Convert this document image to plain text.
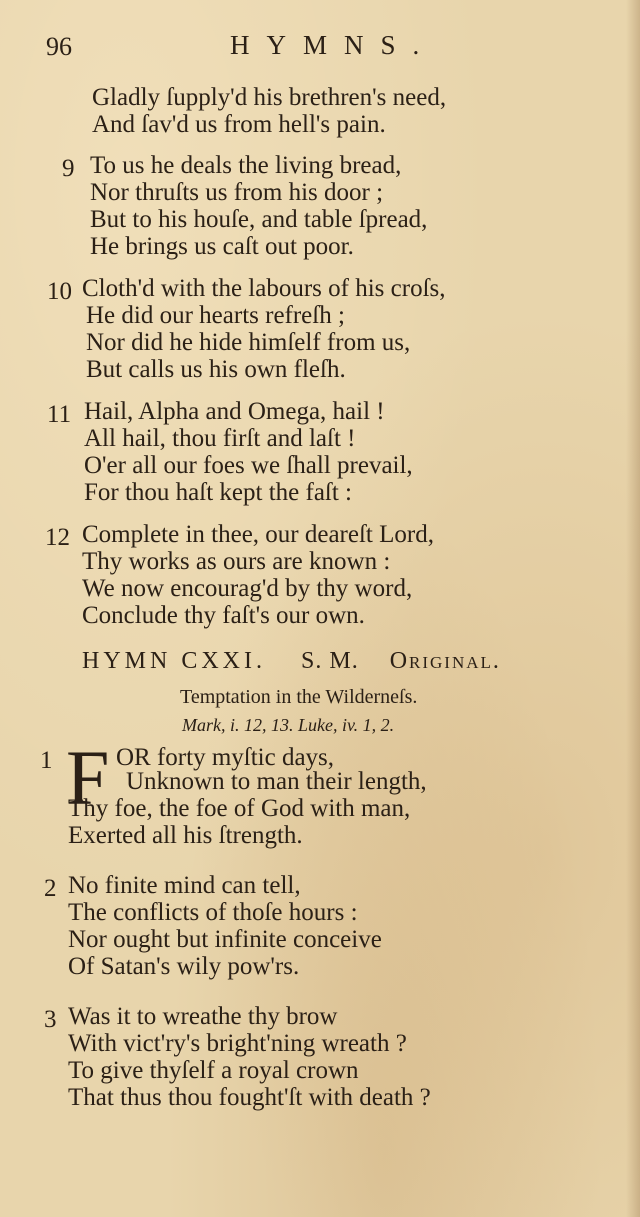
96	HYMNS.
Gladly ſupply'd his brethren's need,
And ſav'd us from hell's pain.
9 To us he deals the living bread,
Nor thruſts us from his door ;
But to his houſe, and table ſpread,
He brings us caſt out poor.
10 Cloth'd with the labours of his croſs,
He did our hearts refreſh ;
Nor did he hide himſelf from us,
But calls us his own fleſh.
11 Hail, Alpha and Omega, hail !
All hail, thou firſt and laſt !
O'er all our foes we ſhall prevail,
For thou haſt kept the faſt :
12 Complete in thee, our deareſt Lord,
Thy works as ours are known :
We now encourag'd by thy word,
Conclude thy faſt's our own.
HYMN CXXI. S. M. Original.
Temptation in the Wilderneſs.
Mark, i. 12, 13. Luke, iv. 1, 2.
1 F OR forty myſtic days,
Unknown to man their length,
Thy foe, the foe of God with man,
Exerted all his ſtrength.
2 No finite mind can tell,
The conflicts of thoſe hours :
Nor ought but infinite conceive
Of Satan's wily pow'rs.
3 Was it to wreathe thy brow
With vict'ry's bright'ning wreath ?
To give thyſelf a royal crown
That thus thou fought'ſt with death ?
